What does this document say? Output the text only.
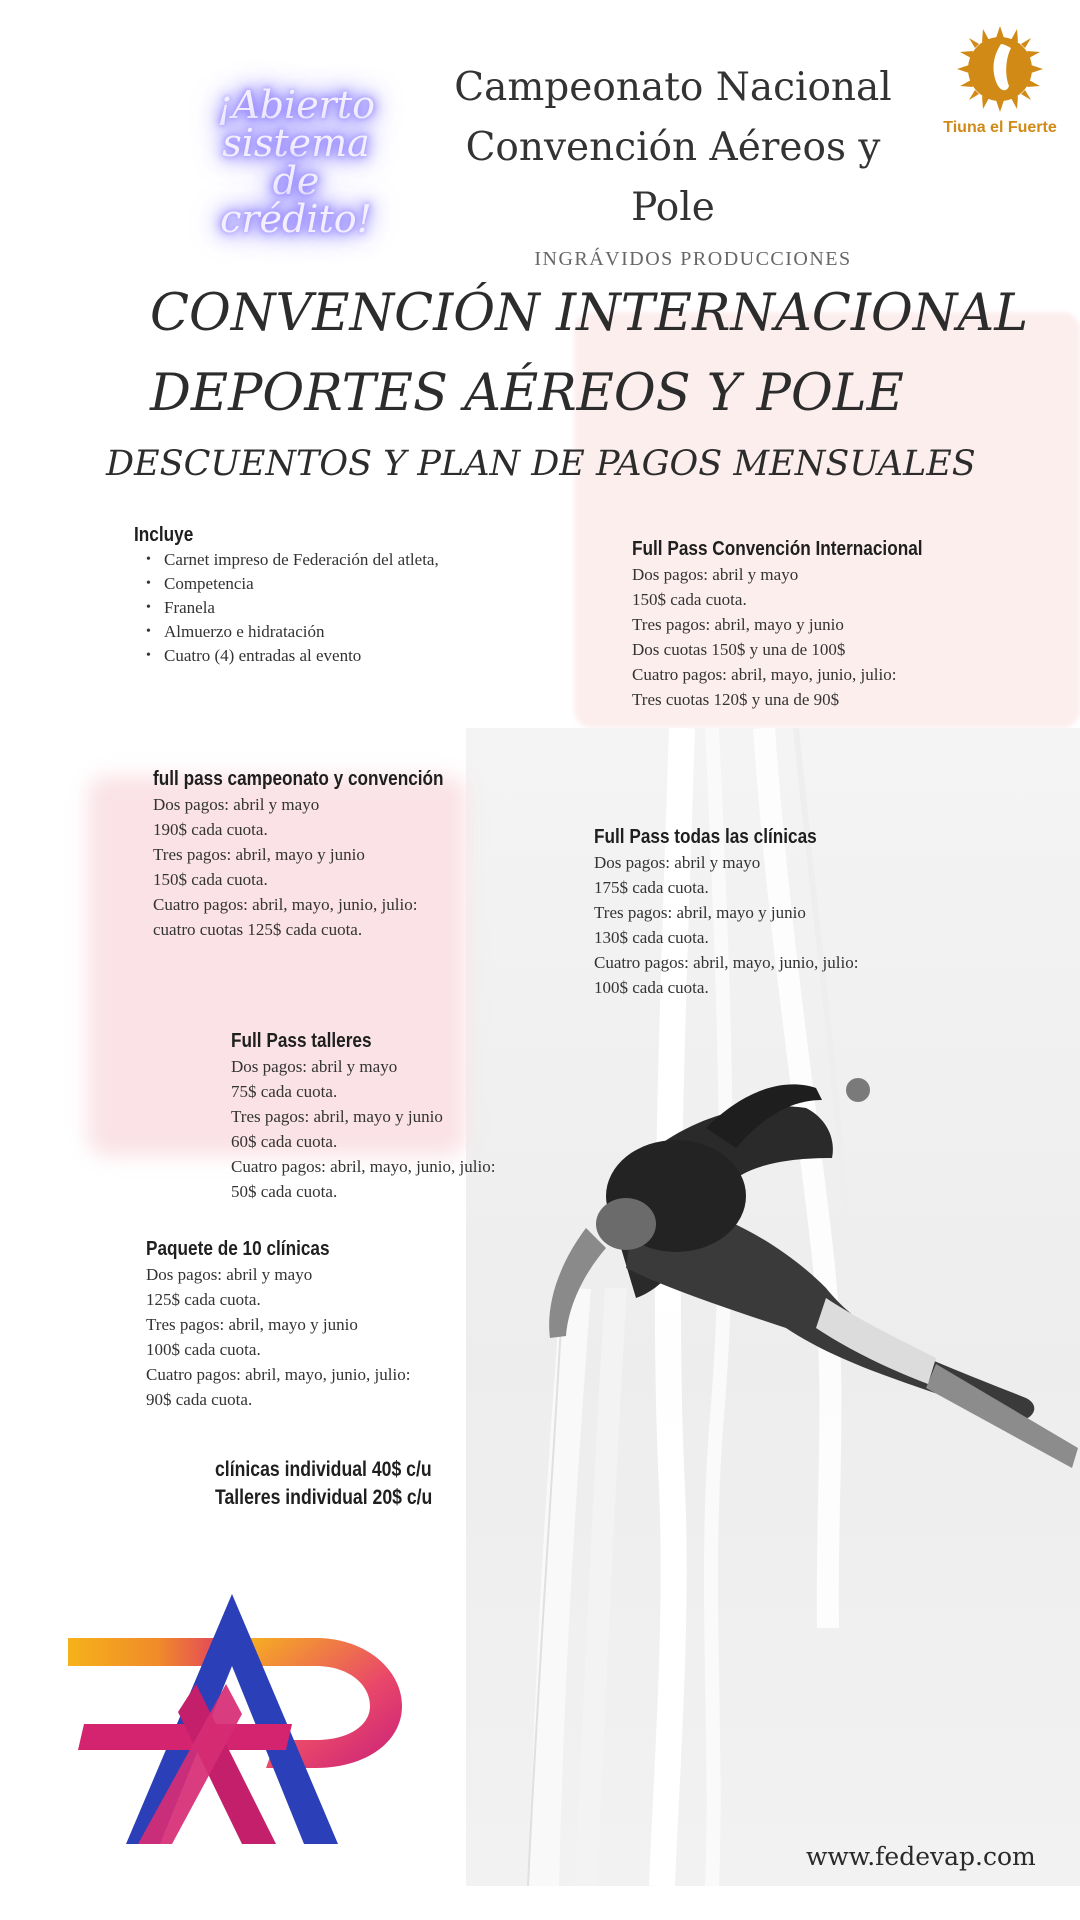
¡Abierto
sistema
de
crédito!
Campeonato Nacional
Convención Aéreos y
Pole
INGRÁVIDOS PRODUCCIONES
Tiuna el Fuerte
CONVENCIÓN INTERNACIONAL
DEPORTES AÉREOS Y POLE
DESCUENTOS Y PLAN DE PAGOS MENSUALES
Incluye
• Carnet impreso de Federación del atleta,
• Competencia
• Franela
• Almuerzo e hidratación
• Cuatro (4) entradas al evento
Full Pass Convención Internacional
Dos pagos: abril y mayo
150$ cada cuota.
Tres pagos: abril, mayo y junio
Dos cuotas 150$ y una de 100$
Cuatro pagos: abril, mayo, junio, julio:
Tres cuotas 120$ y una de 90$
full pass campeonato y convención
Dos pagos: abril y mayo
190$ cada cuota.
Tres pagos: abril, mayo y junio
150$ cada cuota.
Cuatro pagos: abril, mayo, junio, julio:
cuatro cuotas 125$ cada cuota.
Full Pass todas las clínicas
Dos pagos: abril y mayo
175$ cada cuota.
Tres pagos: abril, mayo y junio
130$ cada cuota.
Cuatro pagos: abril, mayo, junio, julio:
100$ cada cuota.
Full Pass talleres
Dos pagos: abril y mayo
75$ cada cuota.
Tres pagos: abril, mayo y junio
60$ cada cuota.
Cuatro pagos: abril, mayo, junio, julio:
50$ cada cuota.
Paquete de 10 clínicas
Dos pagos: abril y mayo
125$ cada cuota.
Tres pagos: abril, mayo y junio
100$ cada cuota.
Cuatro pagos: abril, mayo, junio, julio:
90$ cada cuota.
clínicas individual 40$ c/u
Talleres individual 20$ c/u
www.fedevap.com
